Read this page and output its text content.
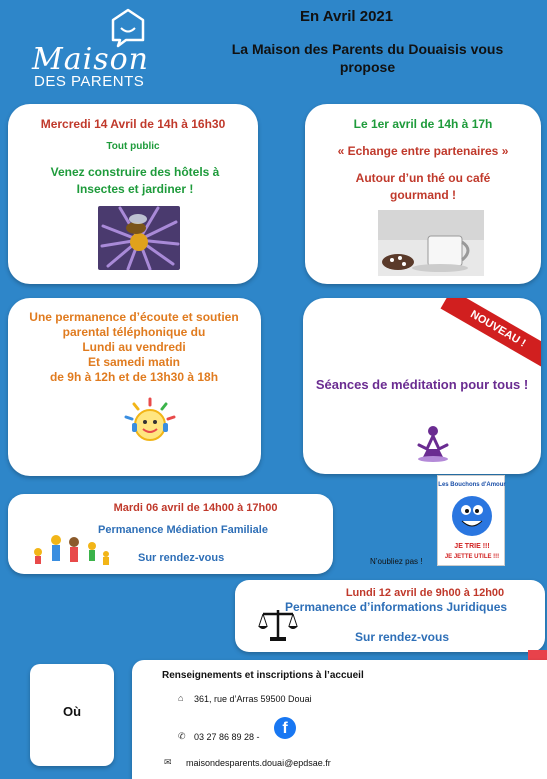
Maison
DES PARENTS
En Avril 2021
La Maison des Parents du Douaisis vous propose
Mercredi 14 Avril de 14h à 16h30
Tout public
Venez construire des hôtels à Insectes et jardiner !
Le 1er avril de 14h à 17h
« Echange entre partenaires »
Autour d’un thé ou café gourmand !
Une permanence d’écoute et soutien
parental téléphonique du
Lundi au vendredi
Et samedi matin
de 9h à 12h et de 13h30 à 18h
NOUVEAU !
Séances de méditation pour tous !
Mardi 06 avril de 14h00 à 17h00
Permanence Médiation Familiale
Sur rendez-vous
Les Bouchons d'Amour
JE TRIE !!!
JE JETTE UTILE !!!
N’oubliez pas !
Lundi 12 avril de 9h00 à 12h00
Permanence d’informations Juridiques
Sur rendez-vous
Où
Renseignements et inscriptions à l’accueil
⌂ 361, rue d’Arras 59500 Douai
✆ 03 27 86 89 28 -	f
✉ maisondesparents.douai@epdsae.fr
